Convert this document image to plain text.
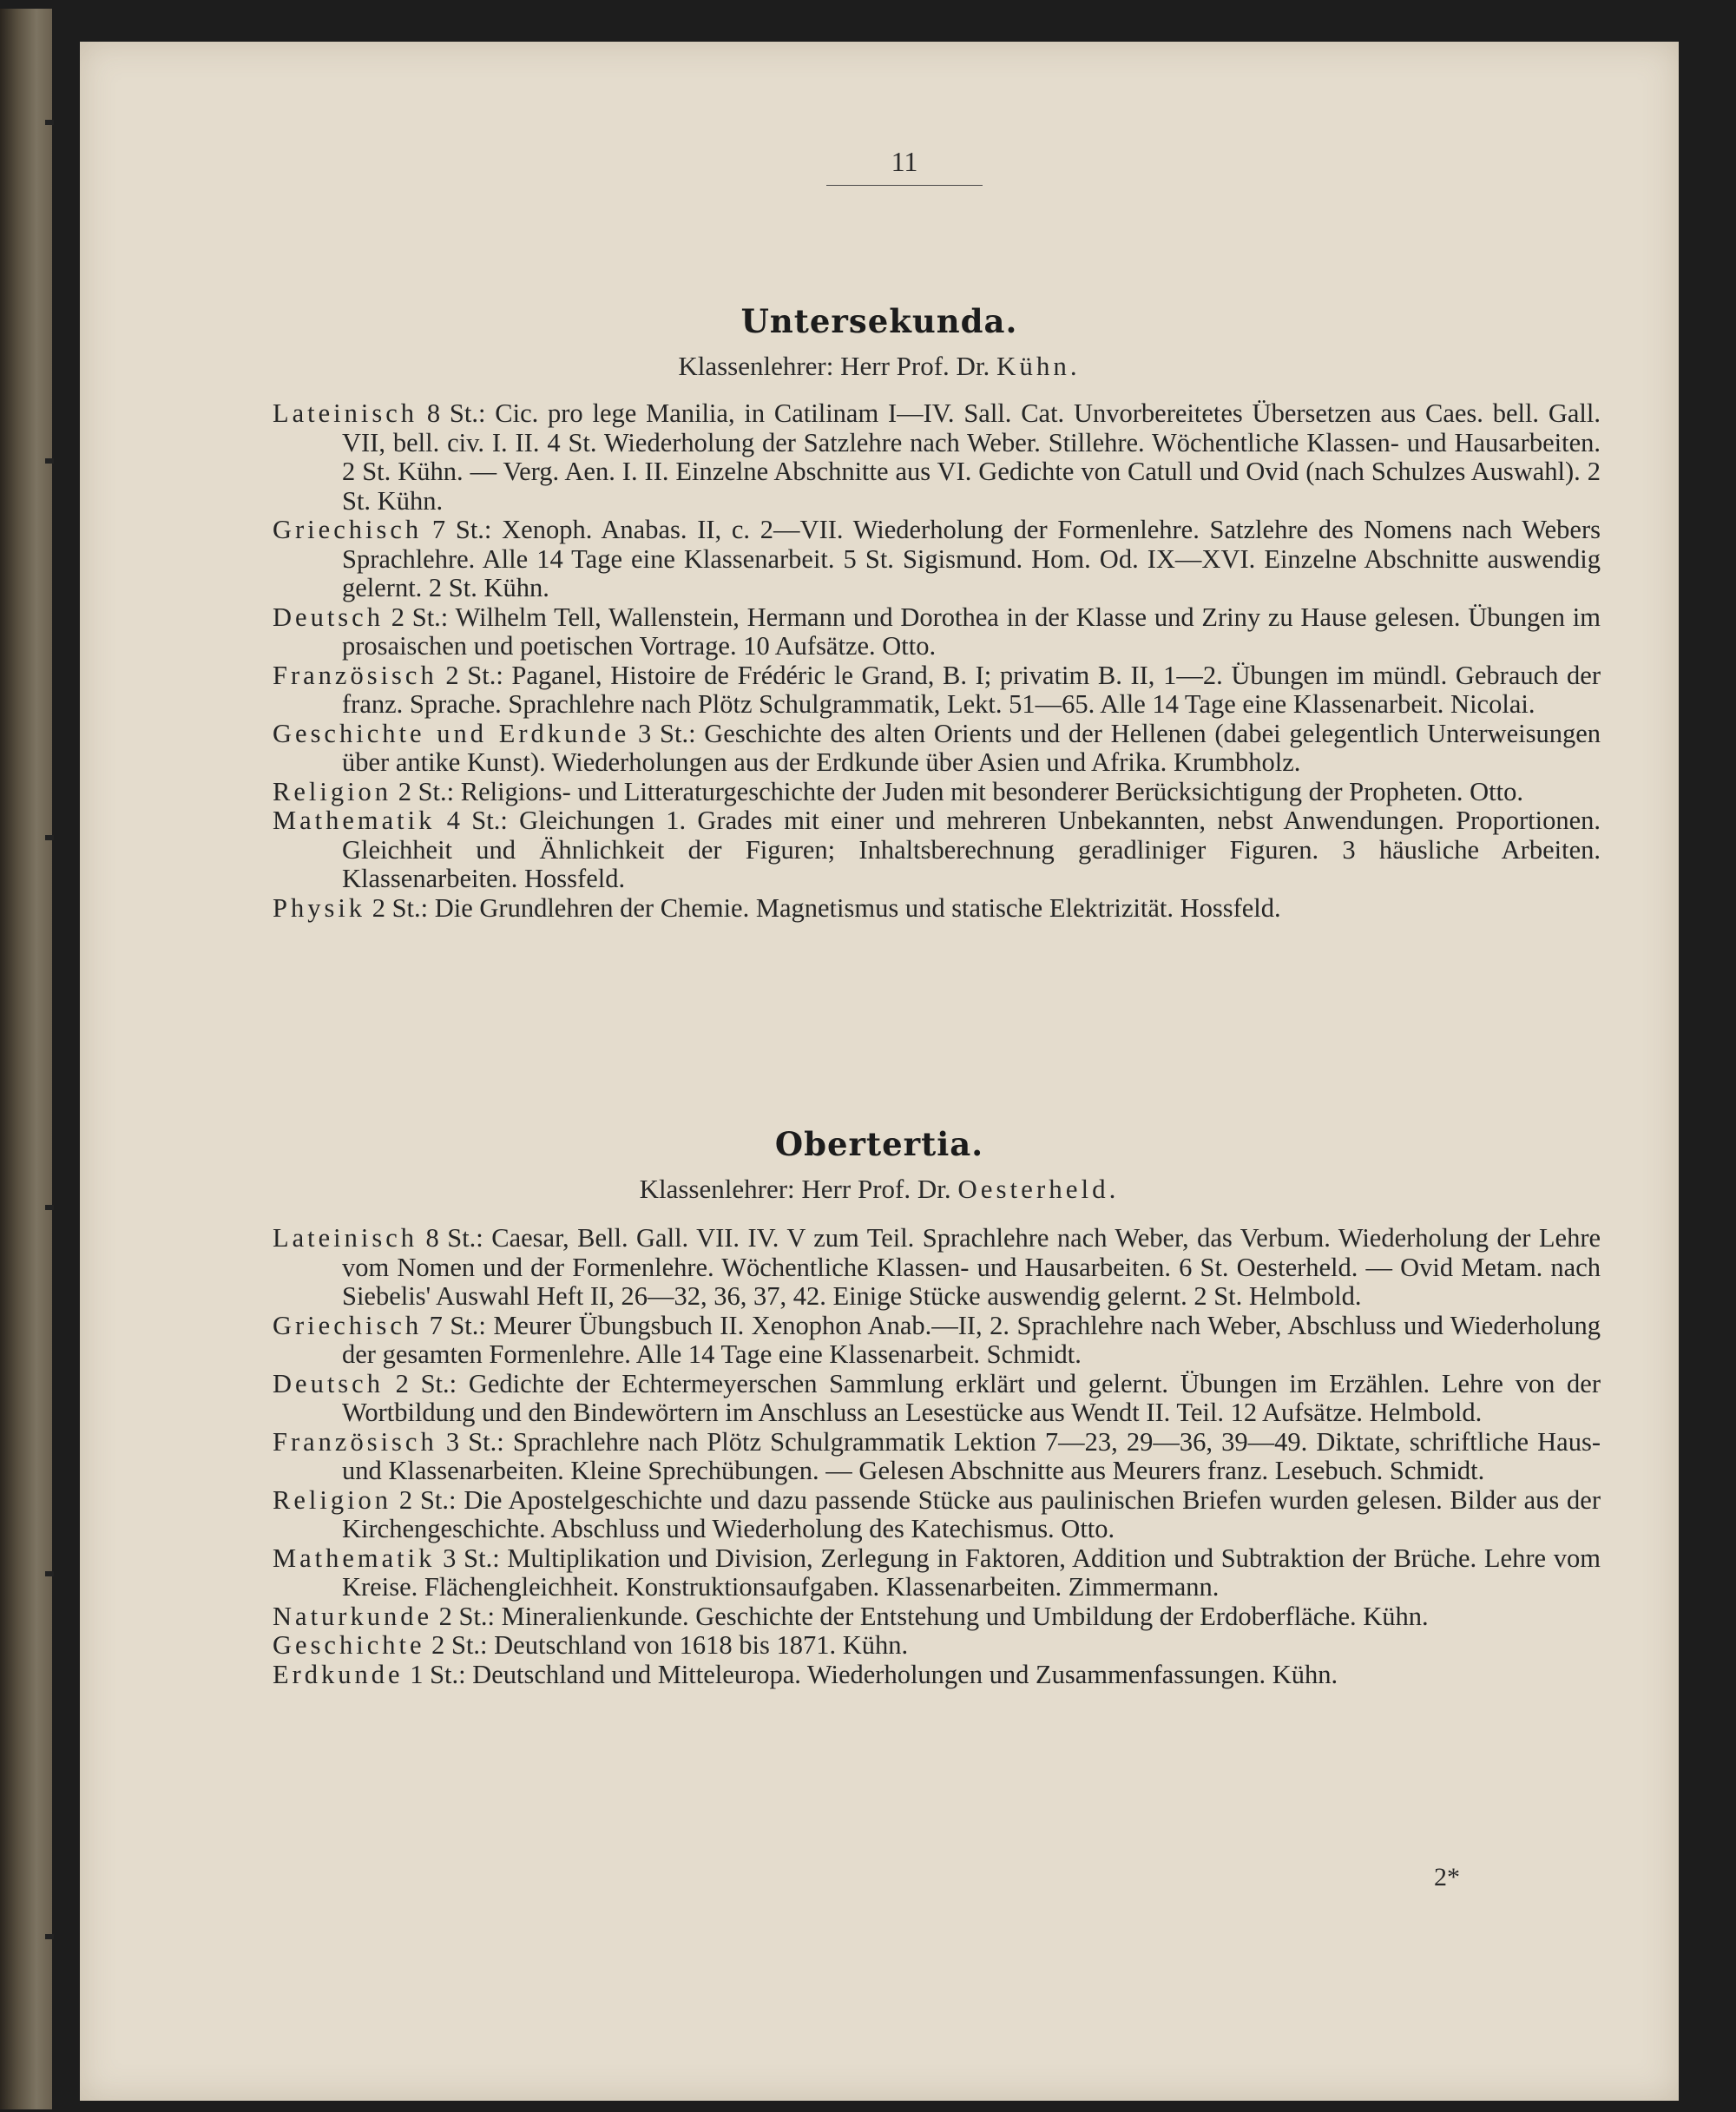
11
Untersekunda.
Klassenlehrer: Herr Prof. Dr. Kühn.

Lateinisch 8 St.: Cic. pro lege Manilia, in Catilinam I—IV. Sall. Cat. Unvorbereitetes Übersetzen aus Caes. bell. Gall. VII, bell. civ. I. II. 4 St. Wiederholung der Satzlehre nach Weber. Stillehre. Wöchentliche Klassen- und Hausarbeiten. 2 St. Kühn. — Verg. Aen. I. II. Einzelne Abschnitte aus VI. Gedichte von Catull und Ovid (nach Schulzes Auswahl). 2 St. Kühn.

Griechisch 7 St.: Xenoph. Anabas. II, c. 2—VII. Wiederholung der Formenlehre. Satzlehre des Nomens nach Webers Sprachlehre. Alle 14 Tage eine Klassenarbeit. 5 St. Sigismund. Hom. Od. IX—XVI. Einzelne Abschnitte auswendig gelernt. 2 St. Kühn.

Deutsch 2 St.: Wilhelm Tell, Wallenstein, Hermann und Dorothea in der Klasse und Zriny zu Hause gelesen. Übungen im prosaischen und poetischen Vortrage. 10 Aufsätze. Otto.

Französisch 2 St.: Paganel, Histoire de Frédéric le Grand, B. I; privatim B. II, 1—2. Übungen im mündl. Gebrauch der franz. Sprache. Sprachlehre nach Plötz Schulgrammatik, Lekt. 51—65. Alle 14 Tage eine Klassenarbeit. Nicolai.

Geschichte und Erdkunde 3 St.: Geschichte des alten Orients und der Hellenen (dabei gelegentlich Unterweisungen über antike Kunst). Wiederholungen aus der Erdkunde über Asien und Afrika. Krumbholz.

Religion 2 St.: Religions- und Litteraturgeschichte der Juden mit besonderer Berücksichtigung der Propheten. Otto.

Mathematik 4 St.: Gleichungen 1. Grades mit einer und mehreren Unbekannten, nebst Anwendungen. Proportionen. Gleichheit und Ähnlichkeit der Figuren; Inhaltsberechnung geradliniger Figuren. 3 häusliche Arbeiten. Klassenarbeiten. Hossfeld.

Physik 2 St.: Die Grundlehren der Chemie. Magnetismus und statische Elektrizität. Hossfeld.

Obertertia.
Klassenlehrer: Herr Prof. Dr. Oesterheld.

Lateinisch 8 St.: Caesar, Bell. Gall. VII. IV. V zum Teil. Sprachlehre nach Weber, das Verbum. Wiederholung der Lehre vom Nomen und der Formenlehre. Wöchentliche Klassen- und Hausarbeiten. 6 St. Oesterheld. — Ovid Metam. nach Siebelis' Auswahl Heft II, 26—32, 36, 37, 42. Einige Stücke auswendig gelernt. 2 St. Helmbold.

Griechisch 7 St.: Meurer Übungsbuch II. Xenophon Anab.—II, 2. Sprachlehre nach Weber, Abschluss und Wiederholung der gesamten Formenlehre. Alle 14 Tage eine Klassenarbeit. Schmidt.

Deutsch 2 St.: Gedichte der Echtermeyerschen Sammlung erklärt und gelernt. Übungen im Erzählen. Lehre von der Wortbildung und den Bindewörtern im Anschluss an Lesestücke aus Wendt II. Teil. 12 Aufsätze. Helmbold.

Französisch 3 St.: Sprachlehre nach Plötz Schulgrammatik Lektion 7—23, 29—36, 39—49. Diktate, schriftliche Haus- und Klassenarbeiten. Kleine Sprechübungen. — Gelesen Abschnitte aus Meurers franz. Lesebuch. Schmidt.

Religion 2 St.: Die Apostelgeschichte und dazu passende Stücke aus paulinischen Briefen wurden gelesen. Bilder aus der Kirchengeschichte. Abschluss und Wiederholung des Katechismus. Otto.

Mathematik 3 St.: Multiplikation und Division, Zerlegung in Faktoren, Addition und Subtraktion der Brüche. Lehre vom Kreise. Flächengleichheit. Konstruktionsaufgaben. Klassenarbeiten. Zimmermann.

Naturkunde 2 St.: Mineralienkunde. Geschichte der Entstehung und Umbildung der Erdoberfläche. Kühn.

Geschichte 2 St.: Deutschland von 1618 bis 1871. Kühn.

Erdkunde 1 St.: Deutschland und Mitteleuropa. Wiederholungen und Zusammenfassungen. Kühn.

2*
